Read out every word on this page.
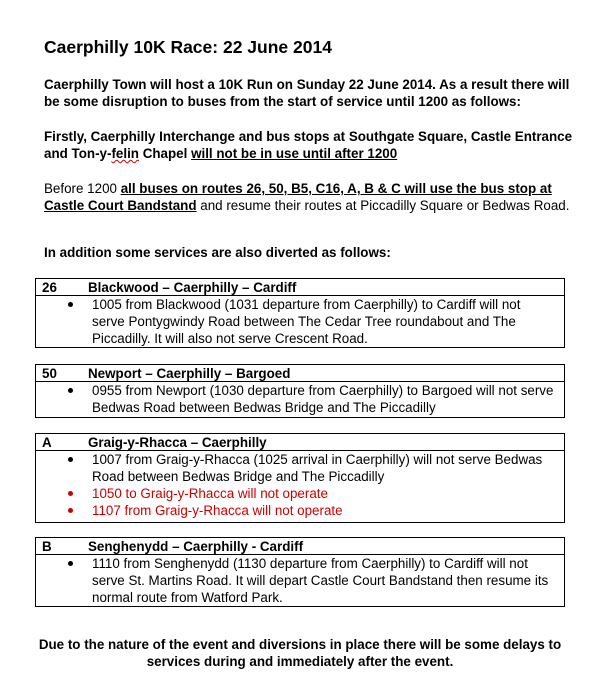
Caerphilly 10K Race: 22 June 2014
Caerphilly Town will host a 10K Run on Sunday 22 June 2014. As a result there will be some disruption to buses from the start of service until 1200 as follows:
Firstly, Caerphilly Interchange and bus stops at Southgate Square, Castle Entrance and Ton-y-felin Chapel will not be in use until after 1200
Before 1200 all buses on routes 26, 50, B5, C16, A, B & C will use the bus stop at Castle Court Bandstand and resume their routes at Piccadilly Square or Bedwas Road.
In addition some services are also diverted as follows:
26 Blackwood – Caerphilly – Cardiff
1005 from Blackwood (1031 departure from Caerphilly) to Cardiff will not serve Pontygwindy Road between The Cedar Tree roundabout and The Piccadilly. It will also not serve Crescent Road.
50 Newport – Caerphilly – Bargoed
0955 from Newport (1030 departure from Caerphilly) to Bargoed will not serve Bedwas Road between Bedwas Bridge and The Piccadilly
A	Graig-y-Rhacca – Caerphilly
1007 from Graig-y-Rhacca (1025 arrival in Caerphilly) will not serve Bedwas Road between Bedwas Bridge and The Piccadilly
1050 to Graig-y-Rhacca will not operate
1107 from Graig-y-Rhacca will not operate
B	Senghenydd – Caerphilly - Cardiff
1110 from Senghenydd (1130 departure from Caerphilly) to Cardiff will not serve St. Martins Road. It will depart Castle Court Bandstand then resume its normal route from Watford Park.
Due to the nature of the event and diversions in place there will be some delays to services during and immediately after the event.
